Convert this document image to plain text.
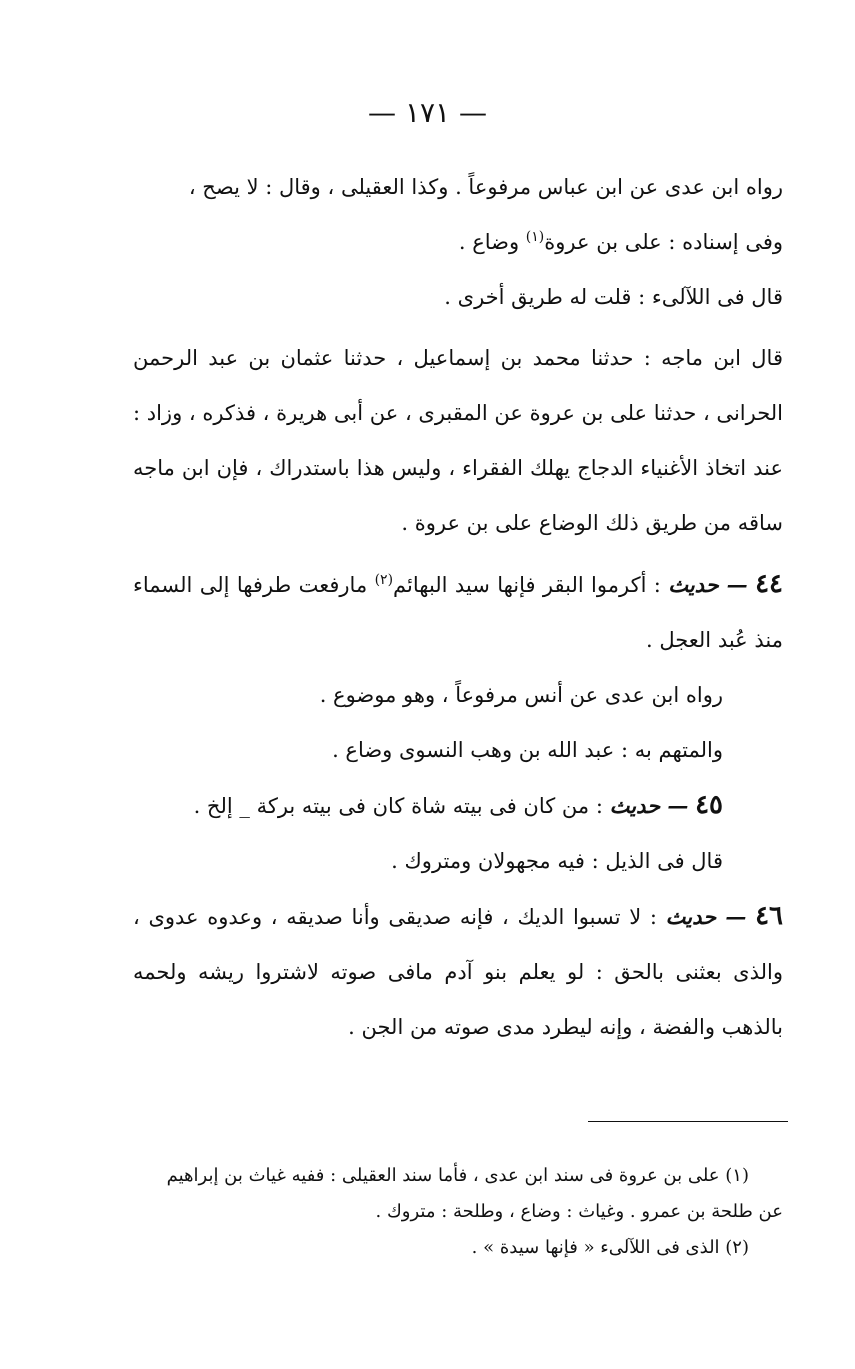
— ١٧١ —

رواه ابن عدى عن ابن عباس مرفوعاً . وكذا العقيلى ، وقال : لا يصح ،
وفى إسناده : على بن عروة$^{(١)}$ وضاع .

قال فى اللآلىء : قلت له طريق أخرى .

قال ابن ماجه : حدثنا محمد بن إسماعيل ، حدثنا عثمان بن عبد الرحمن الحرانى ، حدثنا على بن عروة عن المقبرى ، عن أبى هريرة ، فذكره ، وزاد : عند اتخاذ الأغنياء الدجاج يهلك الفقراء ، وليس هذا باستدراك ، فإن ابن ماجه ساقه من طريق ذلك الوضاع على بن عروة .

٤٤ — حديث : أكرموا البقر فإنها سيد البهائم$^{(٢)}$ مارفعت طرفها إلى السماء منذ عُبد العجل .

رواه ابن عدى عن أنس مرفوعاً ، وهو موضوع .

والمتهم به : عبد الله بن وهب النسوى وضاع .

٤٥ — حديث : من كان فى بيته شاة كان فى بيته بركة _ إلخ .

قال فى الذيل : فيه مجهولان ومتروك .

٤٦ — حديث : لا تسبوا الديك ، فإنه صديقى وأنا صديقه ، وعدوه عدوى ، والذى بعثنى بالحق : لو يعلم بنو آدم مافى صوته لاشتروا ريشه ولحمه بالذهب والفضة ، وإنه ليطرد مدى صوته من الجن .

(١) على بن عروة فى سند ابن عدى ، فأما سند العقيلى : ففيه غياث بن إبراهيم

عن طلحة بن عمرو . وغياث : وضاع ، وطلحة : متروك .

(٢) الذى فى اللآلىء « فإنها سيدة » .
